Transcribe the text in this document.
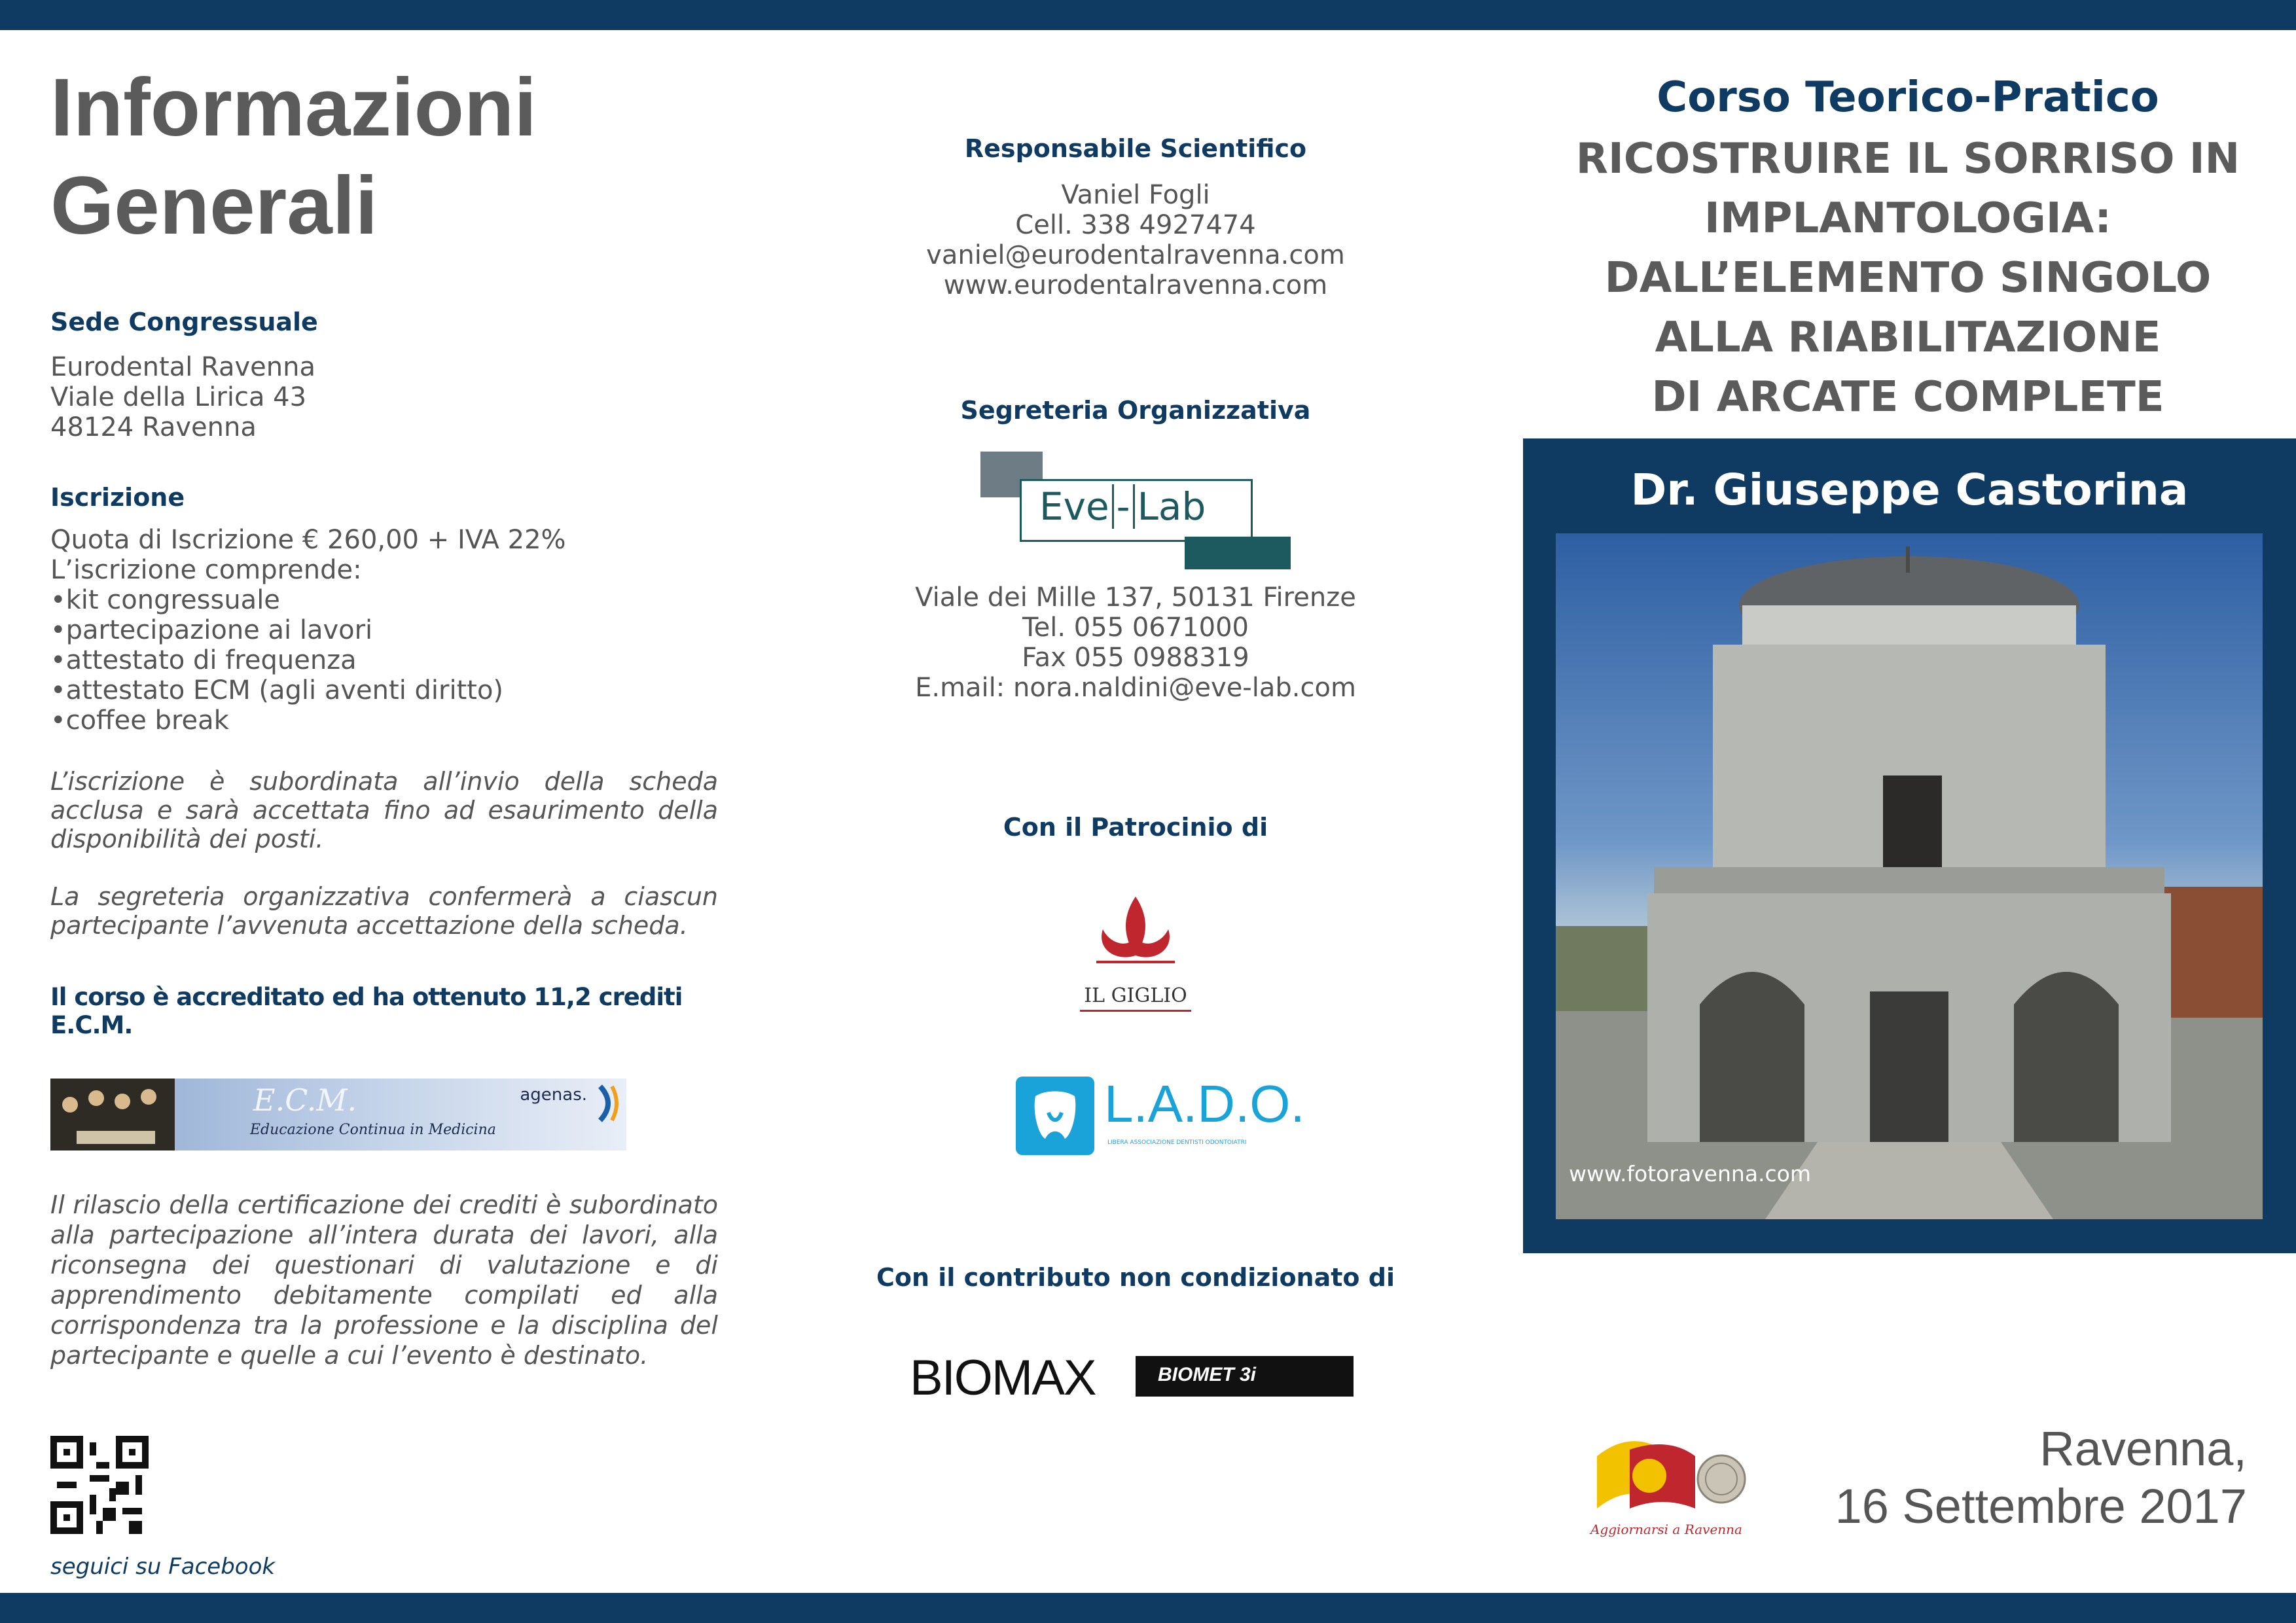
Informazioni
Generali
Sede Congressuale
Eurodental Ravenna
Viale della Lirica 43
48124 Ravenna
Iscrizione
Quota di Iscrizione € 260,00 + IVA 22%
L’iscrizione comprende:
•kit congressuale
•partecipazione ai lavori
•attestato di frequenza
•attestato ECM (agli aventi diritto)
•coffee break
L’iscrizione è subordinata all’invio della scheda acclusa e sarà accettata fino ad esaurimento della disponibilità dei posti.
La segreteria organizzativa confermerà a ciascun partecipante l’avvenuta accettazione della scheda.
Il corso è accreditato ed ha ottenuto 11,2 crediti E.C.M.
E.C.M.
Educazione Continua in Medicina
agenas.
Il rilascio della certificazione dei crediti è subordinato alla partecipazione all’intera durata dei lavori, alla riconsegna dei questionari di valutazione e di apprendimento debitamente compilati ed alla corrispondenza tra la professione e la disciplina del partecipante e quelle a cui l’evento è destinato.
seguici su Facebook
Responsabile Scientifico
Vaniel Fogli
Cell. 338 4927474
vaniel@eurodentalravenna.com
www.eurodentalravenna.com
Segreteria Organizzativa
Eve - Lab
Viale dei Mille 137, 50131 Firenze
Tel. 055 0671000
Fax 055 0988319
E.mail: nora.naldini@eve-lab.com
Con il Patrocinio di
IL GIGLIO
L.A.D.O.
LIBERA ASSOCIAZIONE DENTISTI ODONTOIATRI
Con il contributo non condizionato di
BIOMAX	BIOMET 3i
Corso Teorico-Pratico
RICOSTRUIRE IL SORRISO IN
IMPLANTOLOGIA:
DALL’ELEMENTO SINGOLO
ALLA RIABILITAZIONE
DI ARCATE COMPLETE
Dr. Giuseppe Castorina
www.fotoravenna.com
Aggiornarsi a Ravenna
Ravenna,
16 Settembre 2017
